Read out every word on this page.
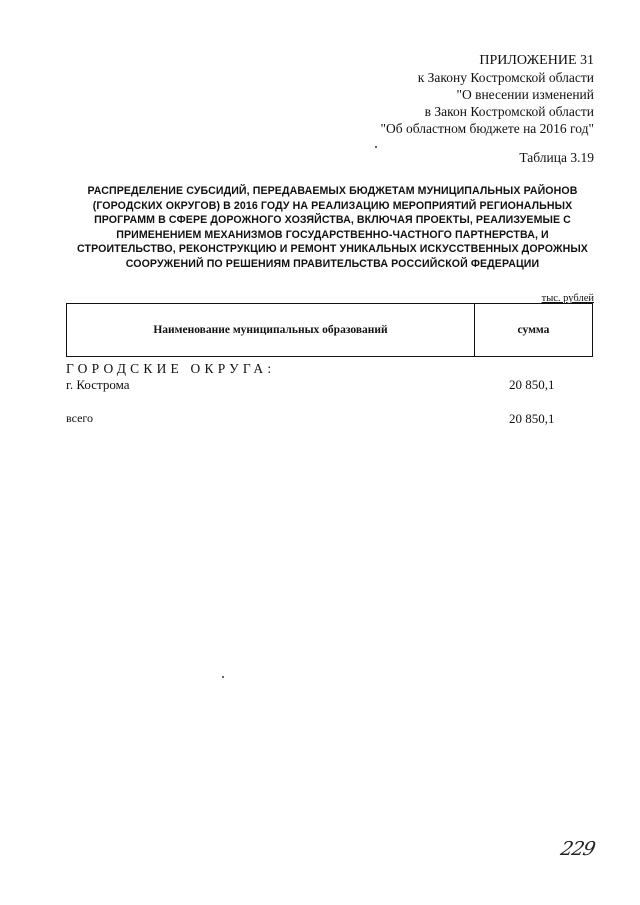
ПРИЛОЖЕНИЕ 31
к Закону Костромской области
"О внесении изменений
в Закон Костромской области
"Об областном бюджете на 2016 год"
Таблица 3.19
РАСПРЕДЕЛЕНИЕ СУБСИДИЙ, ПЕРЕДАВАЕМЫХ БЮДЖЕТАМ МУНИЦИПАЛЬНЫХ РАЙОНОВ (ГОРОДСКИХ ОКРУГОВ) В 2016 ГОДУ НА РЕАЛИЗАЦИЮ МЕРОПРИЯТИЙ РЕГИОНАЛЬНЫХ ПРОГРАММ В СФЕРЕ ДОРОЖНОГО ХОЗЯЙСТВА, ВКЛЮЧАЯ ПРОЕКТЫ, РЕАЛИЗУЕМЫЕ С ПРИМЕНЕНИЕМ МЕХАНИЗМОВ ГОСУДАРСТВЕННО-ЧАСТНОГО ПАРТНЕРСТВА, И СТРОИТЕЛЬСТВО, РЕКОНСТРУКЦИЮ И РЕМОНТ УНИКАЛЬНЫХ ИСКУССТВЕННЫХ ДОРОЖНЫХ СООРУЖЕНИЙ ПО РЕШЕНИЯМ ПРАВИТЕЛЬСТВА РОССИЙСКОЙ ФЕДЕРАЦИИ
тыс. рублей
Наименование муниципальных образований	сумма
ГОРОДСКИЕ ОКРУГА:
г. Кострома	20 850,1
всего	20 850,1
229
